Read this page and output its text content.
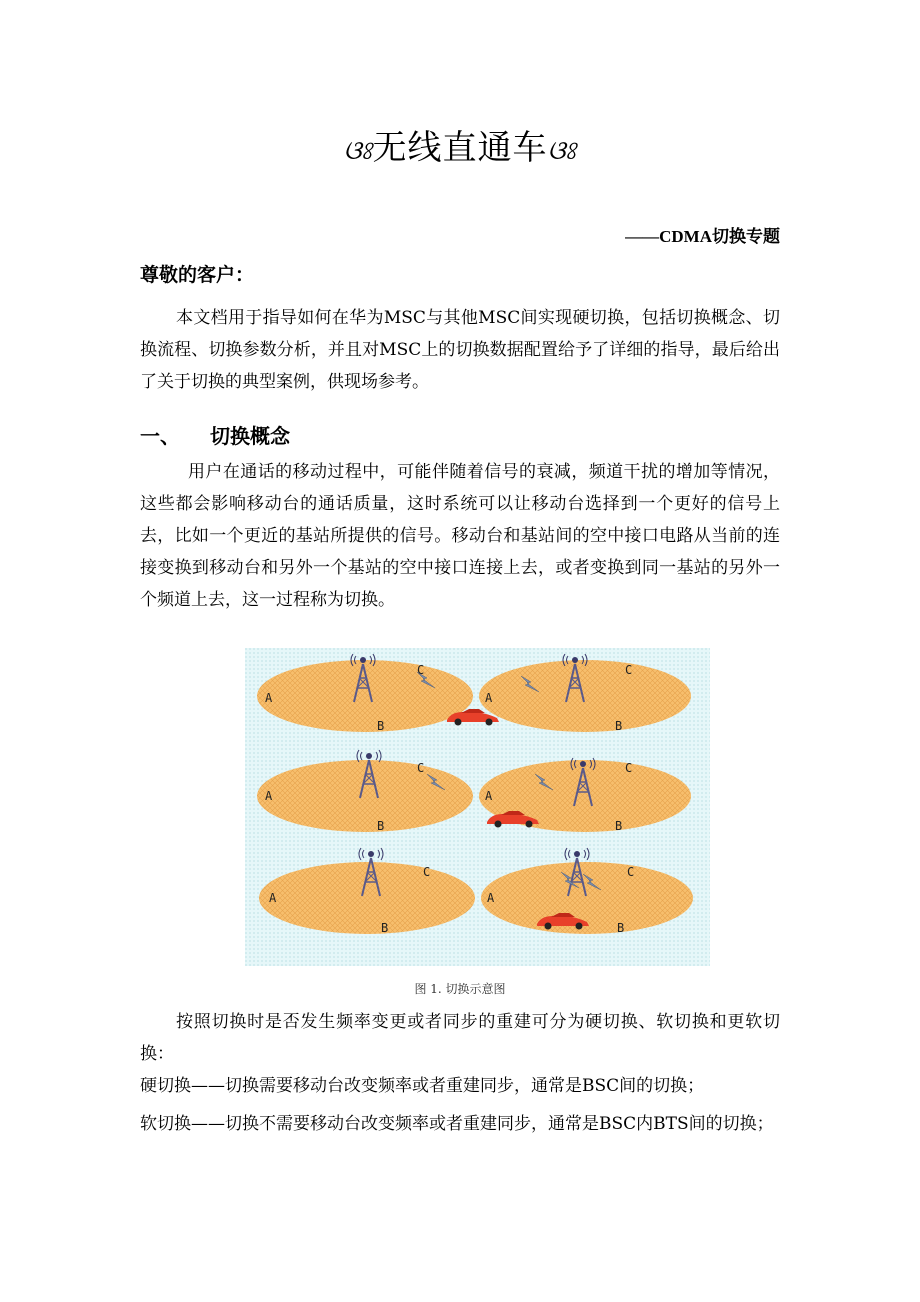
ଓଃ无线直通车ଓଃ
——CDMA切换专题
尊敬的客户：
本文档用于指导如何在华为MSC与其他MSC间实现硬切换，包括切换概念、切换流程、切换参数分析，并且对MSC上的切换数据配置给予了详细的指导，最后给出了关于切换的典型案例，供现场参考。
一、 切换概念
用户在通话的移动过程中，可能伴随着信号的衰减，频道干扰的增加等情况，这些都会影响移动台的通话质量，这时系统可以让移动台选择到一个更好的信号上去，比如一个更近的基站所提供的信号。移动台和基站间的空中接口电路从当前的连接变换到移动台和另外一个基站的空中接口连接上去，或者变换到同一基站的另外一个频道上去，这一过程称为切换。
A
B
C
A
B
C
A
B
C
A
B
C
A
B
C
A
B
C
图 1. 切换示意图
按照切换时是否发生频率变更或者同步的重建可分为硬切换、软切换和更软切换：
硬切换——切换需要移动台改变频率或者重建同步，通常是BSC间的切换；
软切换——切换不需要移动台改变频率或者重建同步，通常是BSC内BTS间的切换；
